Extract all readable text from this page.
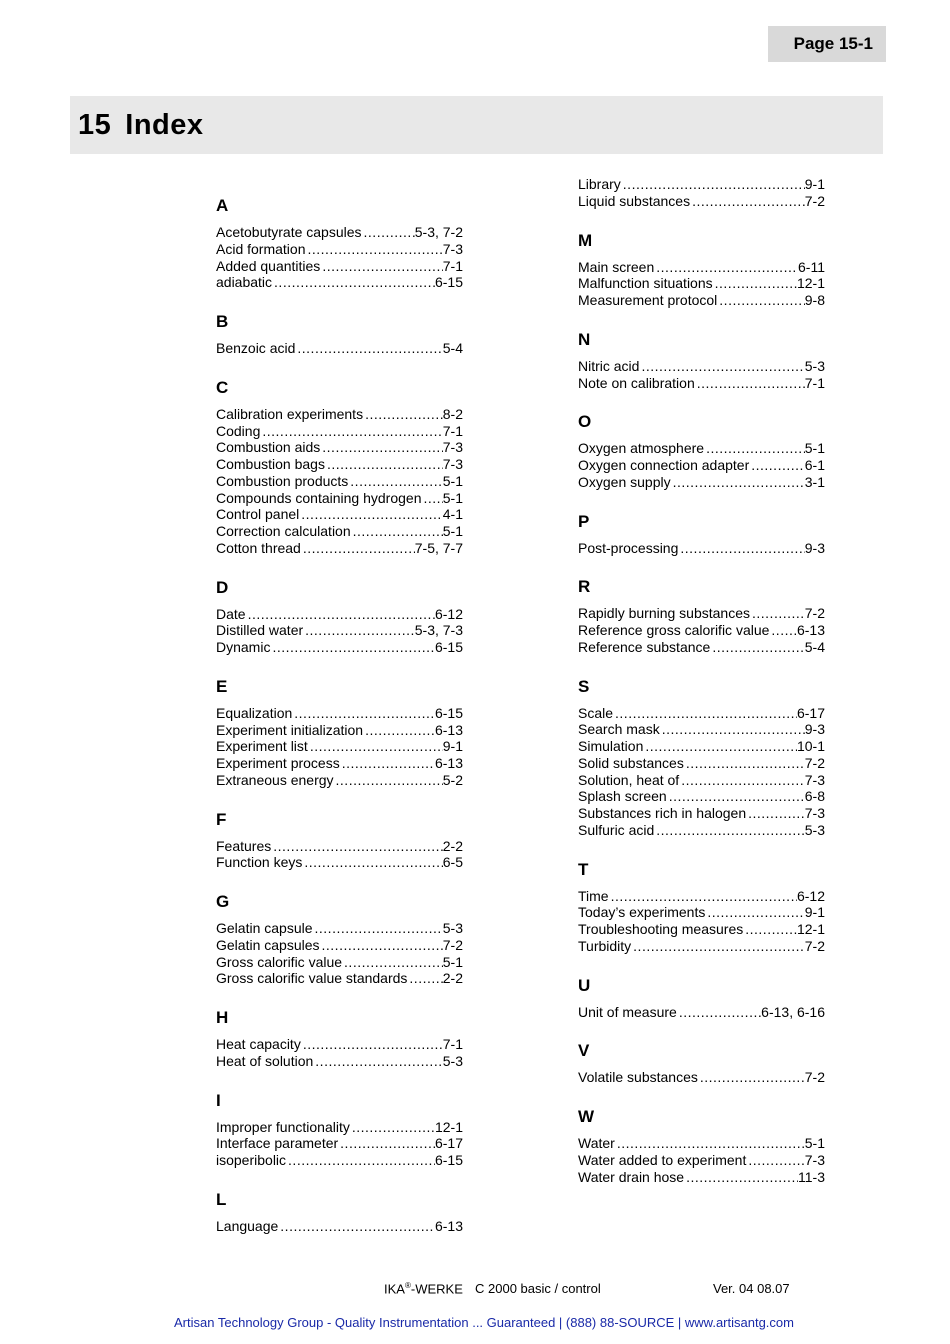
Page 15-1
15 Index
A
Acetobutyrate capsules .....	5-3, 7-2
Acid formation .....	7-3
Added quantities .....	7-1
adiabatic .....	6-15
B
Benzoic acid .....	5-4
C
Calibration experiments .....	8-2
Coding .....	7-1
Combustion aids .....	7-3
Combustion bags .....	7-3
Combustion products .....	5-1
Compounds containing hydrogen ..... 5-1
Control panel .....	4-1
Correction calculation .....	5-1
Cotton thread .....	7-5, 7-7
D
Date .....	6-12
Distilled water .....	5-3, 7-3
Dynamic .....	6-15
E
Equalization .....	6-15
Experiment initialization .....	6-13
Experiment list .....	9-1
Experiment process .....	6-13
Extraneous energy .....	5-2
F
Features .....	2-2
Function keys .....	6-5
G
Gelatin capsule .....	5-3
Gelatin capsules .....	7-2
Gross calorific value .....	5-1
Gross calorific value standards .....	2-2
H
Heat capacity .....	7-1
Heat of solution .....	5-3
I
Improper functionality .....	12-1
Interface parameter .....	6-17
isoperibolic .....	6-15
L
Language .....	6-13
Library .....	9-1
Liquid substances .....	7-2
M
Main screen .....	6-11
Malfunction situations .....	12-1
Measurement protocol .....	9-8
N
Nitric acid .....	5-3
Note on calibration .....	7-1
O
Oxygen atmosphere .....	5-1
Oxygen connection adapter .....	6-1
Oxygen supply .....	3-1
P
Post-processing .....	9-3
R
Rapidly burning substances .....	7-2
Reference gross calorific value ..... 6-13
Reference substance .....	5-4
S
Scale .....	6-17
Search mask .....	9-3
Simulation .....	10-1
Solid substances .....	7-2
Solution, heat of .....	7-3
Splash screen .....	6-8
Substances rich in halogen .....	7-3
Sulfuric acid .....	5-3
T
Time .....	6-12
Today’s experiments .....	9-1
Troubleshooting measures .....	12-1
Turbidity .....	7-2
U
Unit of measure .....	6-13, 6-16
V
Volatile substances .....	7-2
W
Water .....	5-1
Water added to experiment .....	7-3
Water drain hose .....	11-3
IKA®-WERKE C 2000 basic / control	Ver. 04 08.07
Artisan Technology Group - Quality Instrumentation ... Guaranteed | (888) 88-SOURCE | www.artisantg.com
